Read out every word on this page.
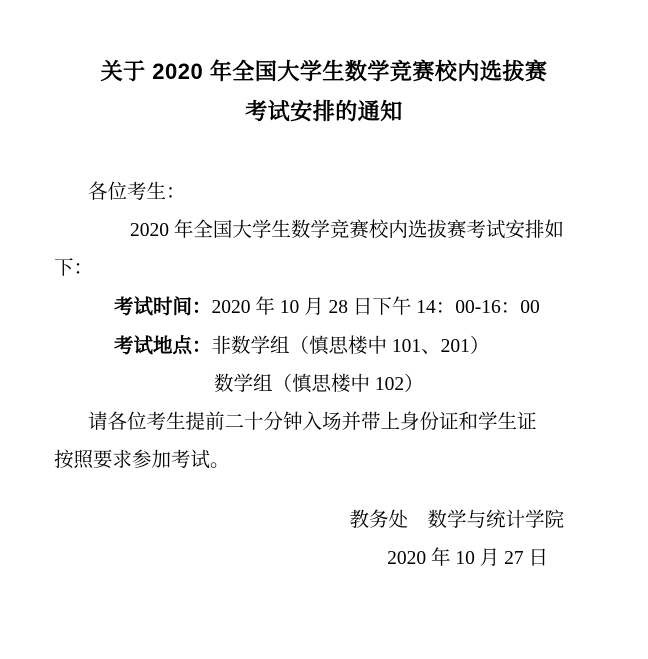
关于 2020 年全国大学生数学竞赛校内选拔赛
考试安排的通知

各位考生：

2020 年全国大学生数学竞赛校内选拔赛考试安排如

下：

考试时间：2020 年 10 月 28 日下午 14：00-16：00

考试地点：非数学组（慎思楼中 101、201）

数学组（慎思楼中 102）

请各位考生提前二十分钟入场并带上身份证和学生证

按照要求参加考试。

教务处　数学与统计学院
2020 年 10 月 27 日
